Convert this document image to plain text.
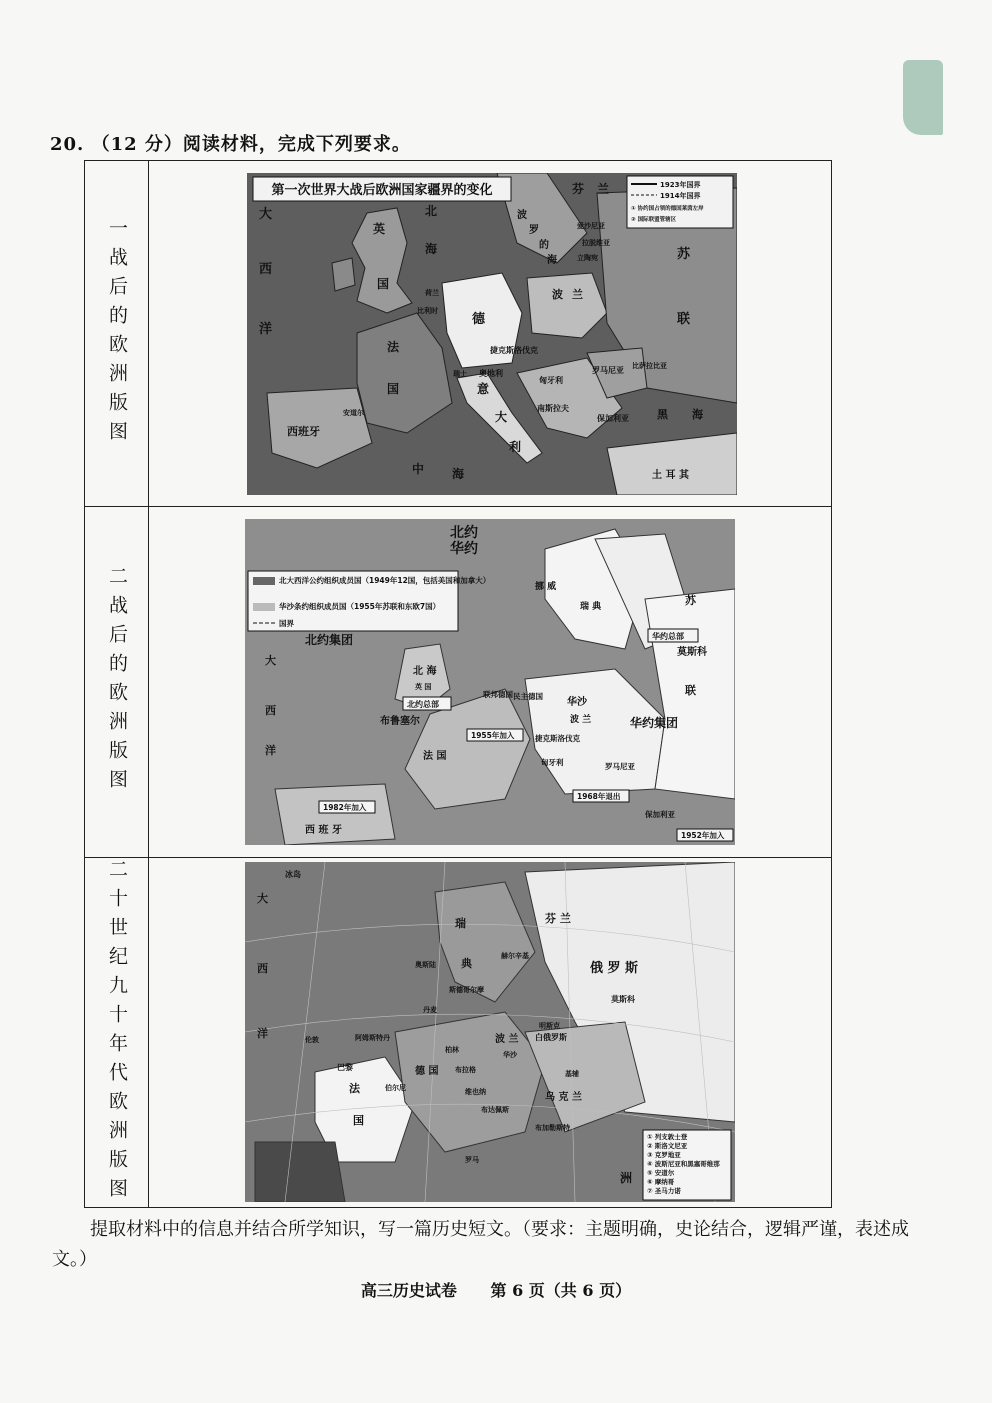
20. （12 分）阅读材料，完成下列要求。
一战后的欧洲版图
第一次世界大战后欧洲国家疆界的变化	1923年国界
1914年国界
① 协约国占领的德国莱茵左岸
② 国际联盟管辖区
大
西
洋
北
海
英
国
法
国
西班牙
意
大
利
德
波 兰
苏
联
芬 兰
奥地利
匈牙利
罗马尼亚
保加利亚
捷克斯洛伐克
南斯拉夫
土 耳 其
中 海
立陶宛
拉脱维亚
爱沙尼亚
比利时
荷兰
瑞士
安道尔
比萨拉比亚
黑 海
波
罗
的
海
二战后的欧洲版图	北大西洋公约组织成员国（1949年12国，包括美国和加拿大）
华沙条约组织成员国（1955年苏联和东欧7国）
国界
北约
华约
北约集团
华约集团
北约总部
华约总部
布鲁塞尔
华沙
莫斯科
1955年加入
1982年加入
1968年退出
1952年加入
大
西
洋
北 海
法 国
西 班 牙
苏
联
波 兰
联邦德国 民主德国
捷克斯洛伐克
匈牙利	罗马尼亚
保加利亚
英 国
瑞 典
挪 威
二十世纪九十年代欧洲版图	① 列支敦士登
② 斯洛文尼亚
③ 克罗地亚
④ 波斯尼亚和黑塞哥维那
⑤ 安道尔
⑥ 摩纳哥
⑦ 圣马力诺
瑞
典
芬 兰
俄 罗 斯
莫斯科
赫尔辛基
斯德哥尔摩
奥斯陆
丹麦
阿姆斯特丹
柏林
德 国
波 兰
华沙
巴黎
法
国
伯尔尼	维也纳
布拉格	基辅
乌 克 兰
白俄罗斯
明斯克
伦敦
罗马
大
西
洋
冰岛
洲
布达佩斯
布加勒斯特
提取材料中的信息并结合所学知识，写一篇历史短文。（要求：主题明确，史论结合，逻辑严谨，表述成文。）
高三历史试卷 第 6 页（共 6 页）
